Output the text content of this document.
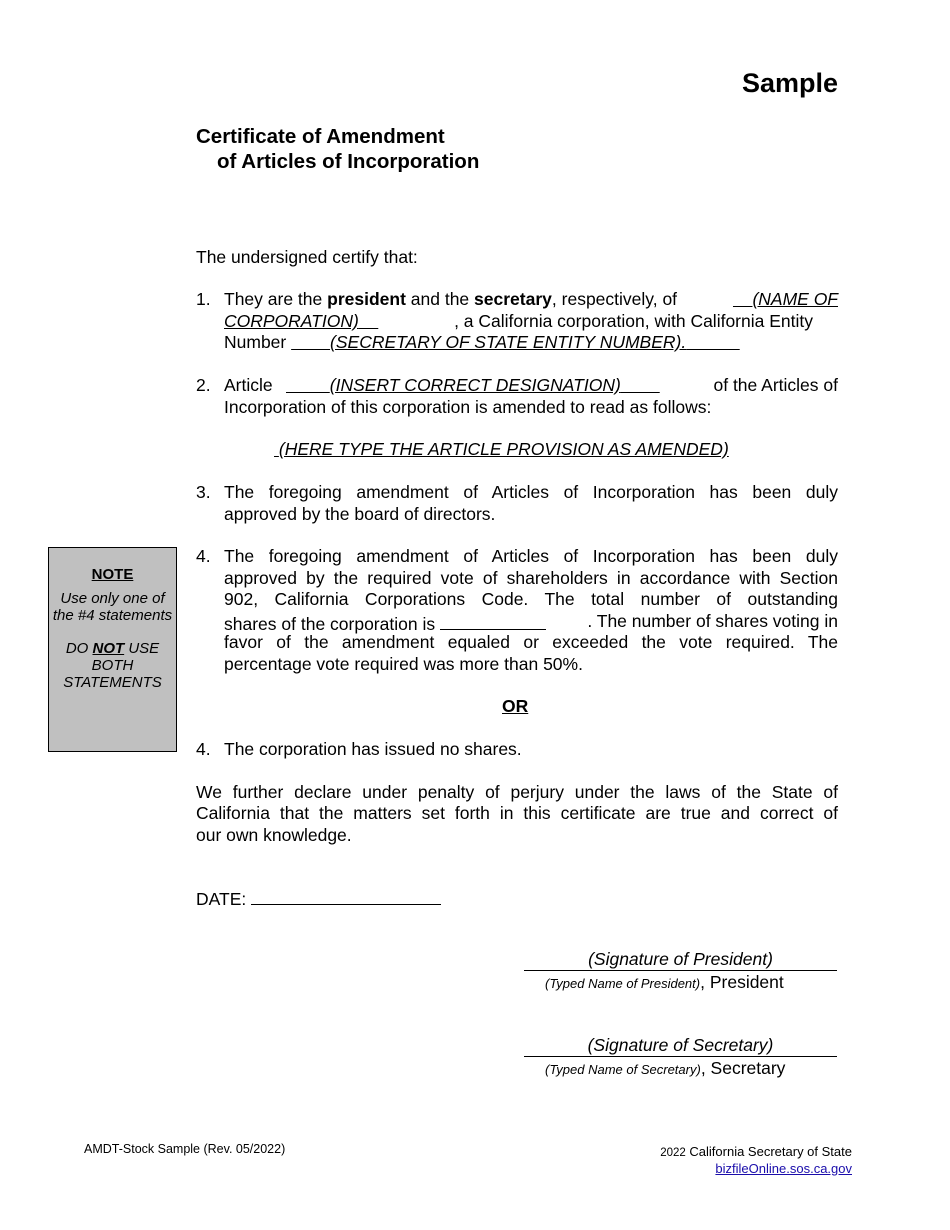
Sample
Certificate of Amendment
of Articles of Incorporation
The undersigned certify that:
1. They are the president and the secretary, respectively, of	(NAME OF
CORPORATION)	, a California corporation, with California Entity
Number	(SECRETARY OF STATE ENTITY NUMBER).
2. Article	(INSERT CORRECT DESIGNATION)	of the Articles of
Incorporation of this corporation is amended to read as follows:
(HERE TYPE THE ARTICLE PROVISION AS AMENDED)
3. The foregoing amendment of Articles of Incorporation has been duly
approved by the board of directors.
NOTE
Use only one of
the #4 statements
DO NOT USE
BOTH
STATEMENTS
4. The foregoing amendment of Articles of Incorporation has been duly
approved by the required vote of shareholders in accordance with Section
902, California Corporations Code. The total number of outstanding
shares of the corporation is	. The number of shares voting in
favor of the amendment equaled or exceeded the vote required. The
percentage vote required was more than 50%.
OR
4. The corporation has issued no shares.
We further declare under penalty of perjury under the laws of the State of
California that the matters set forth in this certificate are true and correct of
our own knowledge.
DATE:
(Signature of President)
(Typed Name of President), President
(Signature of Secretary)
(Typed Name of Secretary), Secretary
AMDT-Stock Sample (Rev. 05/2022)	2022 California Secretary of State
bizfileOnline.sos.ca.gov
